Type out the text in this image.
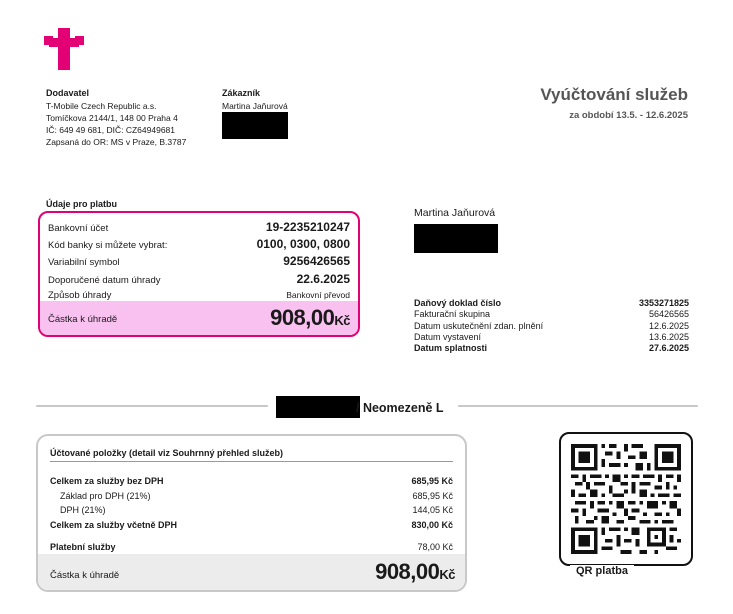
Dodavatel
T-Mobile Czech Republic a.s.
Tomíčkova 2144/1, 148 00 Praha 4
IČ: 649 49 681, DIČ: CZ64949681
Zapsaná do OR: MS v Praze, B.3787
Zákazník
Martina Jaňurová
Vyúčtování služeb
za období 13.5. - 12.6.2025
Údaje pro platbu
Bankovní účet	19-2235210247
Kód banky si můžete vybrat:	0100, 0300, 0800
Variabilní symbol	9256426565
Doporučené datum úhrady	22.6.2025
Způsob úhrady	Bankovní převod
Částka k úhradě	908,00Kč
Martina Jaňurová
Daňový doklad číslo	3353271825
Fakturační skupina	56426565
Datum uskutečnění zdan. plnění	12.6.2025
Datum vystavení	13.6.2025
Datum splatnosti	27.6.2025
/ Neomezeně L
Účtované položky (detail viz Souhrnný přehled služeb)
Celkem za služby bez DPH	685,95 Kč
Základ pro DPH (21%)	685,95 Kč
DPH (21%)	144,05 Kč
Celkem za služby včetně DPH	830,00 Kč
Platební služby	78,00 Kč
Částka k úhradě	908,00Kč	QR platba
